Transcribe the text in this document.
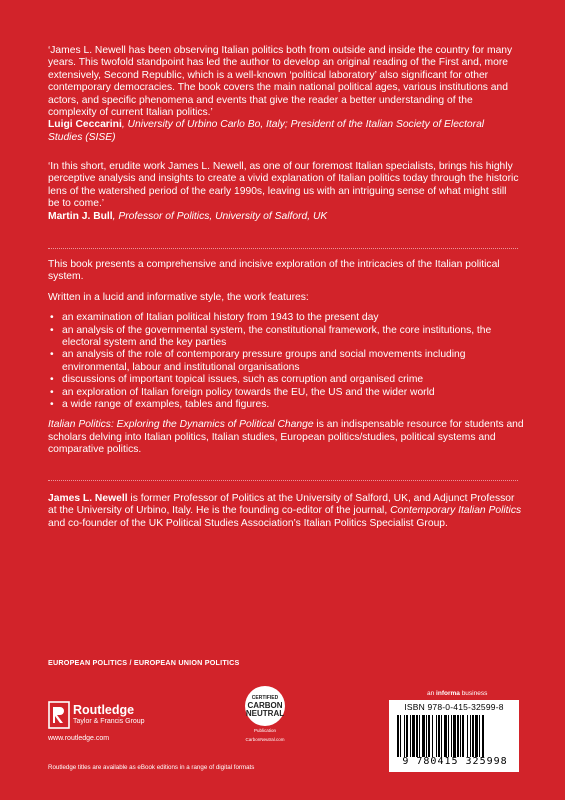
‘James L. Newell has been observing Italian politics both from outside and inside the country for many years. This twofold standpoint has led the author to develop an original reading of the First and, more extensively, Second Republic, which is a well-known ‘political laboratory’ also significant for other contemporary democracies. The book covers the main national political ages, various institutions and actors, and specific phenomena and events that give the reader a better understanding of the complexity of current Italian politics.’

Luigi Ceccarini, University of Urbino Carlo Bo, Italy; President of the Italian Society of Electoral Studies (SISE)

‘In this short, erudite work James L. Newell, as one of our foremost Italian specialists, brings his highly perceptive analysis and insights to create a vivid explanation of Italian politics today through the historic lens of the watershed period of the early 1990s, leaving us with an intriguing sense of what might still be to come.’

Martin J. Bull, Professor of Politics, University of Salford, UK

This book presents a comprehensive and incisive exploration of the intricacies of the Italian political system.

Written in a lucid and informative style, the work features:

• an examination of Italian political history from 1943 to the present day
• an analysis of the governmental system, the constitutional framework, the core institutions, the electoral system and the key parties
• an analysis of the role of contemporary pressure groups and social movements including environmental, labour and institutional organisations
• discussions of important topical issues, such as corruption and organised crime
• an exploration of Italian foreign policy towards the EU, the US and the wider world
• a wide range of examples, tables and figures.

Italian Politics: Exploring the Dynamics of Political Change is an indispensable resource for students and scholars delving into Italian politics, Italian studies, European politics/studies, political systems and comparative politics.

James L. Newell is former Professor of Politics at the University of Salford, UK, and Adjunct Professor at the University of Urbino, Italy. He is the founding co-editor of the journal, Contemporary Italian Politics and co-founder of the UK Political Studies Association’s Italian Politics Specialist Group.

EUROPEAN POLITICS / EUROPEAN UNION POLITICS
Routledge
Taylor & Francis Group
www.routledge.com
CERTIFIED
CARBON
NEUTRAL
Publication
CarbonNeutral.com
an informa business
ISBN 978-0-415-32599-8
9 780415 325998
Routledge titles are available as eBook editions in a range of digital formats
